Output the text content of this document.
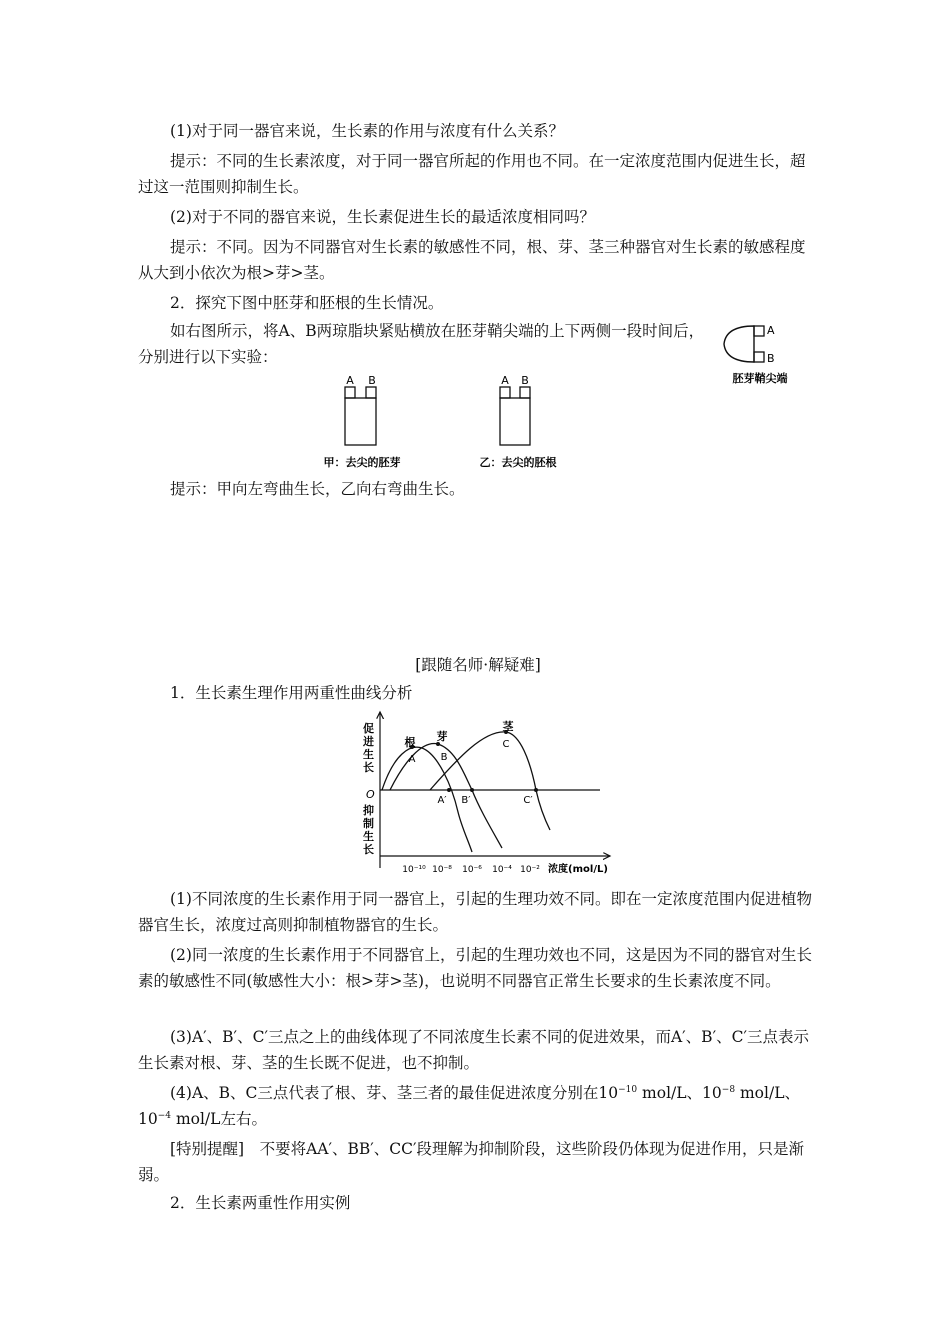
(1)对于同一器官来说，生长素的作用与浓度有什么关系？

提示：不同的生长素浓度，对于同一器官所起的作用也不同。在一定浓度范围内促进生长，超过这一范围则抑制生长。

(2)对于不同的器官来说，生长素促进生长的最适浓度相同吗？

提示：不同。因为不同器官对生长素的敏感性不同，根、芽、茎三种器官对生长素的敏感程度从大到小依次为根>芽>茎。

2．探究下图中胚芽和胚根的生长情况。

如右图所示，将A、B两琼脂块紧贴横放在胚芽鞘尖端的上下两侧一段时间后，分别进行以下实验：

A
B
胚芽鞘尖端
A B
甲：去尖的胚芽
A B
乙：去尖的胚根

提示：甲向左弯曲生长，乙向右弯曲生长。

[跟随名师·解疑难]

1．生长素生理作用两重性曲线分析

促
进
生
长
抑
制
生
长
O
根 芽
茎
A	B
C
A′ B′	C′
10⁻¹⁰ 10⁻⁸ 10⁻⁶ 10⁻⁴ 10⁻² 浓度(mol/L)

(1)不同浓度的生长素作用于同一器官上，引起的生理功效不同。即在一定浓度范围内促进植物器官生长，浓度过高则抑制植物器官的生长。

(2)同一浓度的生长素作用于不同器官上，引起的生理功效也不同，这是因为不同的器官对生长素的敏感性不同(敏感性大小：根>芽>茎)，也说明不同器官正常生长要求的生长素浓度不同。

(3)A′、B′、C′三点之上的曲线体现了不同浓度生长素不同的促进效果，而A′、B′、C′三点表示生长素对根、芽、茎的生长既不促进，也不抑制。

(4)A、B、C三点代表了根、芽、茎三者的最佳促进浓度分别在$10^{-10}$ mol/L、$10^{-8}$ mol/L、$10^{-4}$ mol/L左右。

[特别提醒]　不要将AA′、BB′、CC′段理解为抑制阶段，这些阶段仍体现为促进作用，只是渐弱。

2．生长素两重性作用实例
